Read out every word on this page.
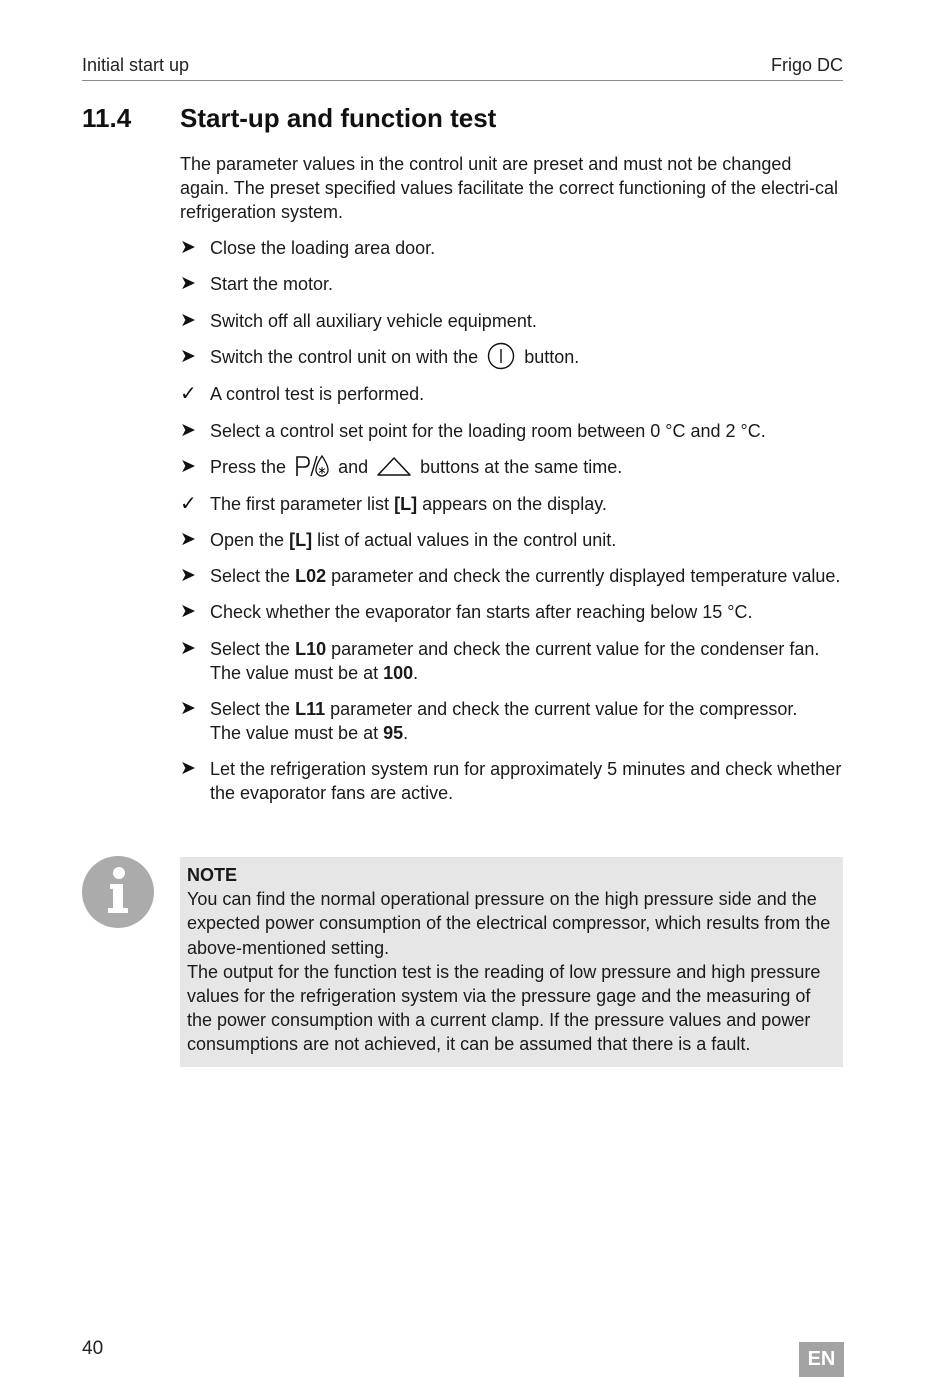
Initial start up	Frigo DC
11.4 Start-up and function test

The parameter values in the control unit are preset and must not be changed again. The preset specified values facilitate the correct functioning of the electri-cal refrigeration system.

➤ Close the loading area door.
➤ Start the motor.
➤ Switch off all auxiliary vehicle equipment.
➤ Switch the control unit on with the	button.
✓ A control test is performed.
➤ Select a control set point for the loading room between 0 °C and 2 °C.
➤ Press the	and	buttons at the same time.
✓ The first parameter list [L] appears on the display.
➤ Open the [L] list of actual values in the control unit.
➤ Select the L02 parameter and check the currently displayed temperature value.
➤ Check whether the evaporator fan starts after reaching below 15 °C.
➤ Select the L10 parameter and check the current value for the condenser fan.
The value must be at 100.
➤ Select the L11 parameter and check the current value for the compressor.
The value must be at 95.
➤ Let the refrigeration system run for approximately 5 minutes and check whether the evaporator fans are active.
NOTE
You can find the normal operational pressure on the high pressure side and the expected power consumption of the electrical compressor, which results from the above-mentioned setting.
The output for the function test is the reading of low pressure and high pressure values for the refrigeration system via the pressure gage and the measuring of the power consumption with a current clamp. If the pressure values and power consumptions are not achieved, it can be assumed that there is a fault.
40	EN
